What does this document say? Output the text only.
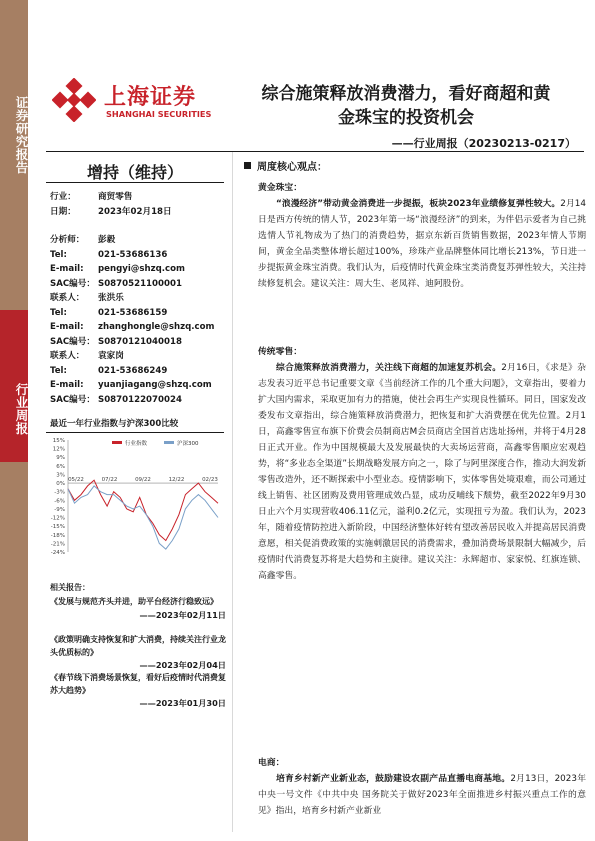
证券研究报告
行业周报
上海证券
SHANGHAI SECURITIES
综合施策释放消费潜力，看好商超和黄
金珠宝的投资机会
——行业周报（20230213-0217）
增持（维持）
行业：	商贸零售
日期：	2023年02月18日
分析师：	彭毅
Tel:	021-53686136
E-mail:	pengyi@shzq.com
SAC编号： S0870521100001
联系人：	张洪乐
Tel:	021-53686159
E-mail:	zhanghongle@shzq.com
SAC编号： S0870121040018
联系人：	袁家岗
Tel:	021-53686249
E-mail:	yuanjiagang@shzq.com
SAC编号： S0870122070024
最近一年行业指数与沪深300比较
15%
12%
9%
6%
3%
0%
-3%
-6%
-9%
-12%
-15%
-18%
-21%
-24%
05/22	07/22	09/22	12/22	02/23
行业指数	沪深300
相关报告：
《发展与规范齐头并进，助平台经济行稳致远》
——2023年02月11日
《政策明确支持恢复和扩大消费，持续关注行业龙头优质标的》
——2023年02月04日
《春节线下消费场景恢复，看好后疫情时代消费复苏大趋势》
——2023年01月30日
周度核心观点：

黄金珠宝：

“浪漫经济”带动黄金消费进一步提振，板块2023年业绩修复弹性较大。2月14日是西方传统的情人节，2023年第一场“浪漫经济”的到来，为伴侣示爱者为自己挑选情人节礼物成为了热门的消费趋势，据京东新百货销售数据，2023年情人节期间，黄金全品类整体增长超过100%，珍珠产业品牌整体同比增长213%，节日进一步提振黄金珠宝消费。我们认为，后疫情时代黄金珠宝类消费复苏弹性较大，关注持续修复机会。建议关注：周大生、老凤祥、迪阿股份。

传统零售：

综合施策释放消费潜力，关注线下商超的加速复苏机会。2月16日，《求是》杂志发表习近平总书记重要文章《当前经济工作的几个重大问题》，文章指出，要着力扩大国内需求，采取更加有力的措施，使社会再生产实现良性循环。同日，国家发改委发布文章指出，综合施策释放消费潜力，把恢复和扩大消费摆在优先位置。2月1日，高鑫零售宣布旗下价费会员制商店M会员商店全国首店选址扬州，并将于4月28日正式开业。作为中国规模最大及发展最快的大卖场运营商，高鑫零售顺应宏观趋势，将“多业态全渠道”长期战略发展方向之一，除了与阿里深度合作，推动大润发新零售改造外，还不断探索中小型业态。疫情影响下，实体零售处境艰难，而公司通过线上销售、社区团购及费用管理成效凸显，成功反哺线下颓势，截至2022年9月30日止六个月实现营收406.11亿元，溢利0.2亿元，实现扭亏为盈。我们认为，2023年，随着疫情防控进入新阶段，中国经济整体好转有望改善居民收入并提高居民消费意愿，相关促消费政策的实施刺激居民的消费需求，叠加消费场景限制大幅减少，后疫情时代消费复苏将是大趋势和主旋律。建议关注：永辉超市、家家悦、红旗连锁、高鑫零售。

电商：

培育乡村新产业新业态，鼓励建设农副产品直播电商基地。2月13日，2023年中央一号文件《中共中央 国务院关于做好2023年全面推进乡村振兴重点工作的意见》指出，培育乡村新产业新业
